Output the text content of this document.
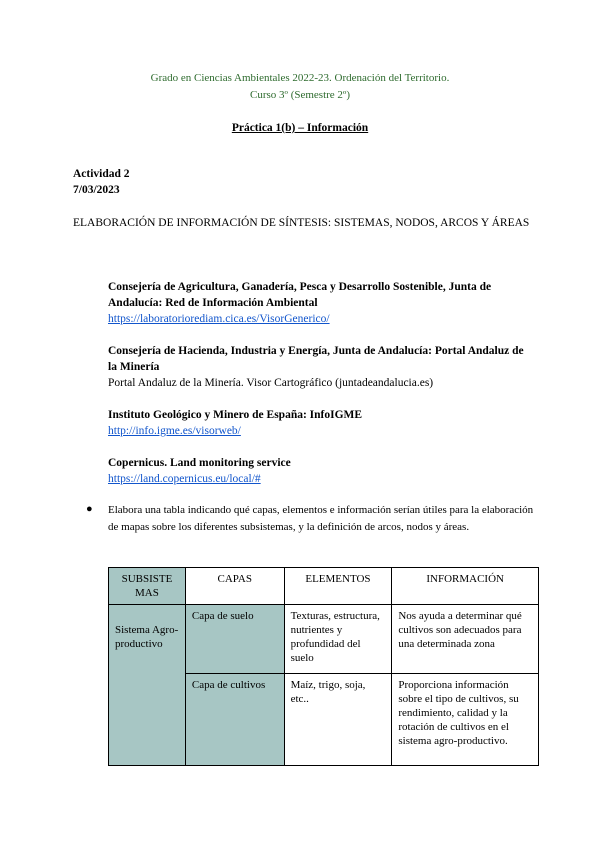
Grado en Ciencias Ambientales 2022-23. Ordenación del Territorio.
Curso 3º (Semestre 2º)
Práctica 1(b) – Información
Actividad 2
7/03/2023
ELABORACIÓN DE INFORMACIÓN DE SÍNTESIS: SISTEMAS, NODOS, ARCOS Y ÁREAS
Consejería de Agricultura, Ganadería, Pesca y Desarrollo Sostenible, Junta de Andalucía: Red de Información Ambiental
https://laboratoriorediam.cica.es/VisorGenerico/
Consejería de Hacienda, Industria y Energía, Junta de Andalucía: Portal Andaluz de la Minería
Portal Andaluz de la Minería. Visor Cartográfico (juntadeandalucia.es)
Instituto Geológico y Minero de España: InfoIGME
http://info.igme.es/visorweb/
Copernicus. Land monitoring service
https://land.copernicus.eu/local/#
● Elabora una tabla indicando qué capas, elementos e información serían útiles para la elaboración de mapas sobre los diferentes subsistemas, y la definición de arcos, nodos y áreas.
SUBSISTE MAS	CAPAS	ELEMENTOS	INFORMACIÓN

Sistema Agro-productivo	Capa de suelo	Texturas, estructura, nutrientes y profundidad del suelo	Nos ayuda a determinar qué cultivos son adecuados para una determinada zona
	Capa de cultivos	Maíz, trigo, soja, etc..	Proporciona información sobre el tipo de cultivos, su rendimiento, calidad y la rotación de cultivos en el sistema agro-productivo.
